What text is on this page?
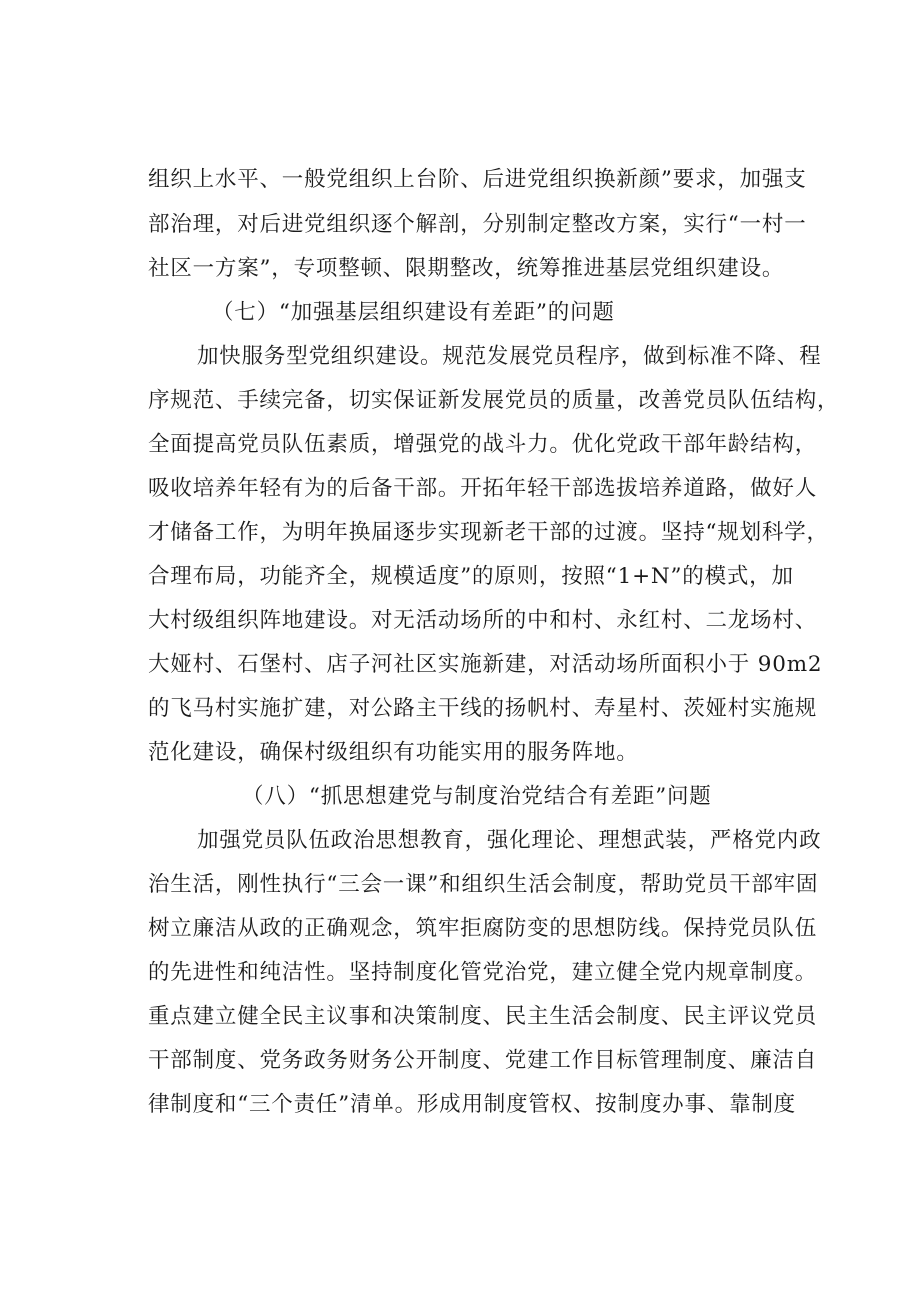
组织上水平、一般党组织上台阶、后进党组织换新颜”要求，加强支
部治理，对后进党组织逐个解剖，分别制定整改方案，实行“一村一
社区一方案”，专项整顿、限期整改，统筹推进基层党组织建设。
（七）“加强基层组织建设有差距”的问题
加快服务型党组织建设。规范发展党员程序，做到标准不降、程
序规范、手续完备，切实保证新发展党员的质量，改善党员队伍结构，
全面提高党员队伍素质，增强党的战斗力。优化党政干部年龄结构，
吸收培养年轻有为的后备干部。开拓年轻干部选拔培养道路，做好人
才储备工作，为明年换届逐步实现新老干部的过渡。坚持“规划科学，
合理布局，功能齐全，规模适度”的原则，按照“1+N”的模式，加
大村级组织阵地建设。对无活动场所的中和村、永红村、二龙场村、
大娅村、石堡村、店子河社区实施新建，对活动场所面积小于 90m2
的飞马村实施扩建，对公路主干线的扬帆村、寿星村、茨娅村实施规
范化建设，确保村级组织有功能实用的服务阵地。
（八）“抓思想建党与制度治党结合有差距”问题
加强党员队伍政治思想教育，强化理论、理想武装，严格党内政
治生活，刚性执行“三会一课”和组织生活会制度，帮助党员干部牢固
树立廉洁从政的正确观念，筑牢拒腐防变的思想防线。保持党员队伍
的先进性和纯洁性。坚持制度化管党治党，建立健全党内规章制度。
重点建立健全民主议事和决策制度、民主生活会制度、民主评议党员
干部制度、党务政务财务公开制度、党建工作目标管理制度、廉洁自
律制度和“三个责任”清单。形成用制度管权、按制度办事、靠制度
